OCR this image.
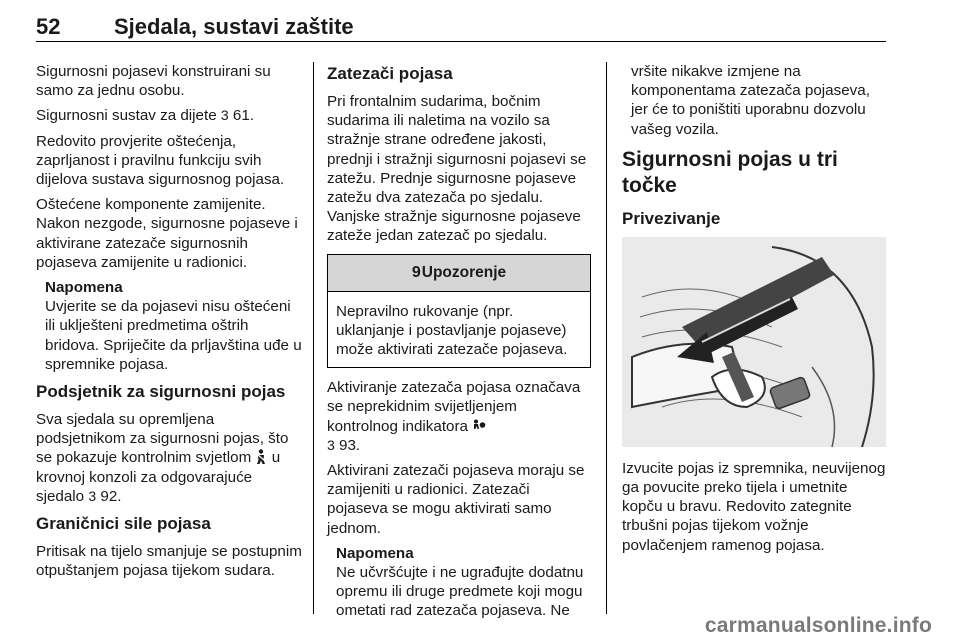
52 Sjedala, sustavi zaštite

Sigurnosni pojasevi konstruirani su samo za jednu osobu.

Sigurnosni sustav za dijete 3 61.

Redovito provjerite oštećenja, zaprljanost i pravilnu funkciju svih dijelova sustava sigurnosnog pojasa.

Oštećene komponente zamijenite. Nakon nezgode, sigurnosne pojaseve i aktivirane zatezače sigurnosnih pojaseva zamijenite u radionici.

Napomena
Uvjerite se da pojasevi nisu oštećeni ili uklješteni predmetima oštrih bridova. Spriječite da prljavština uđe u spremnike pojasa.
Podsjetnik za sigurnosni pojas

Sva sjedala su opremljena podsjetnikom za sigurnosni pojas, što se pokazuje kontrolnim svjetlom  u krovnoj konzoli za odgovarajuće sjedalo 3 92.

Graničnici sile pojasa

Pritisak na tijelo smanjuje se postupnim otpuštanjem pojasa tijekom sudara.

Zatezači pojasa

Pri frontalnim sudarima, bočnim sudarima ili naletima na vozilo sa stražnje strane određene jakosti, prednji i stražnji sigurnosni pojasevi se zatežu. Prednje sigurnosne pojaseve zatežu dva zatezača po sjedalu. Vanjske stražnje sigurnosne pojaseve zateže jedan zatezač po sjedalu.

9 Upozorenje
Nepravilno rukovanje (npr. uklanjanje i postavljanje pojaseve) može aktivirati zatezače pojaseva.

Aktiviranje zatezača pojasa označava se neprekidnim svijetljenjem kontrolnog indikatora
3 93.

Aktivirani zatezači pojaseva moraju se zamijeniti u radionici. Zatezači pojaseva se mogu aktivirati samo jednom.

Napomena
Ne učvršćujte i ne ugrađujte dodatnu opremu ili druge predmete koji mogu ometati rad zatezača pojaseva. Ne
vršite nikakve izmjene na komponentama zatezača pojaseva, jer će to poništiti uporabnu dozvolu vašeg vozila.
Sigurnosni pojas u tri točke
Privezivanje

Izvucite pojas iz spremnika, neuvijenog ga povucite preko tijela i umetnite kopču u bravu. Redovito zategnite trbušni pojas tijekom vožnje povlačenjem ramenog pojasa.

carmanualsonline.info
